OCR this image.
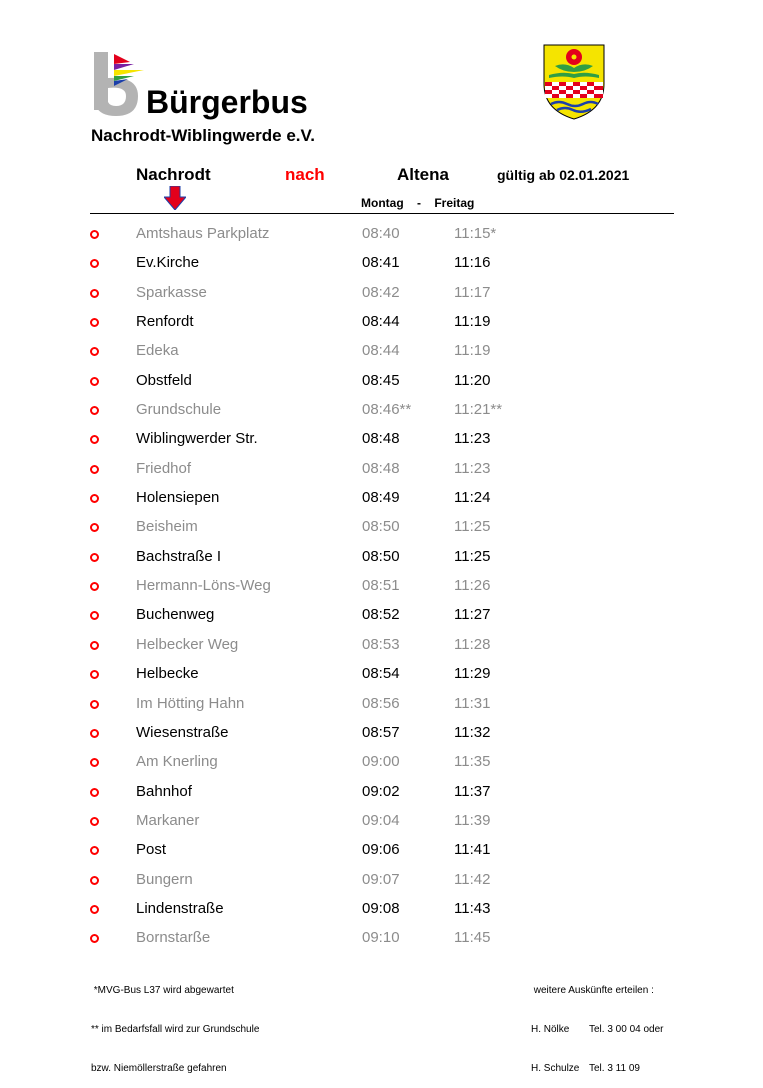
Bürgerbus
Nachrodt-Wiblingwerde e.V.
Nachrodt	nach	Altena	gültig ab 02.01.2021
Montag - Freitag
Amtshaus Parkplatz	08:40	11:15*
Ev.Kirche	08:41	11:16
Sparkasse	08:42	11:17
Renfordt	08:44	11:19
Edeka	08:44	11:19
Obstfeld	08:45	11:20
Grundschule	08:46**	11:21**
Wiblingwerder Str.	08:48	11:23
Friedhof	08:48	11:23
Holensiepen	08:49	11:24
Beisheim	08:50	11:25
Bachstraße I	08:50	11:25
Hermann-Löns-Weg	08:51	11:26
Buchenweg	08:52	11:27
Helbecker Weg	08:53	11:28
Helbecke	08:54	11:29
Im Hötting Hahn	08:56	11:31
Wiesenstraße	08:57	11:32
Am Knerling	09:00	11:35
Bahnhof	09:02	11:37
Markaner	09:04	11:39
Post	09:06	11:41
Bungern	09:07	11:42
Lindenstraße	09:08	11:43
Bornstarße	09:10	11:45

*MVG-Bus L37 wird abgewartet

** im Bedarfsfall wird zur Grundschule

bzw. Niemöllerstraße gefahren

weitere Auskünfte erteilen :

H. Nölke Tel. 3 00 04 oder

H. Schulze Tel. 3 11 09
